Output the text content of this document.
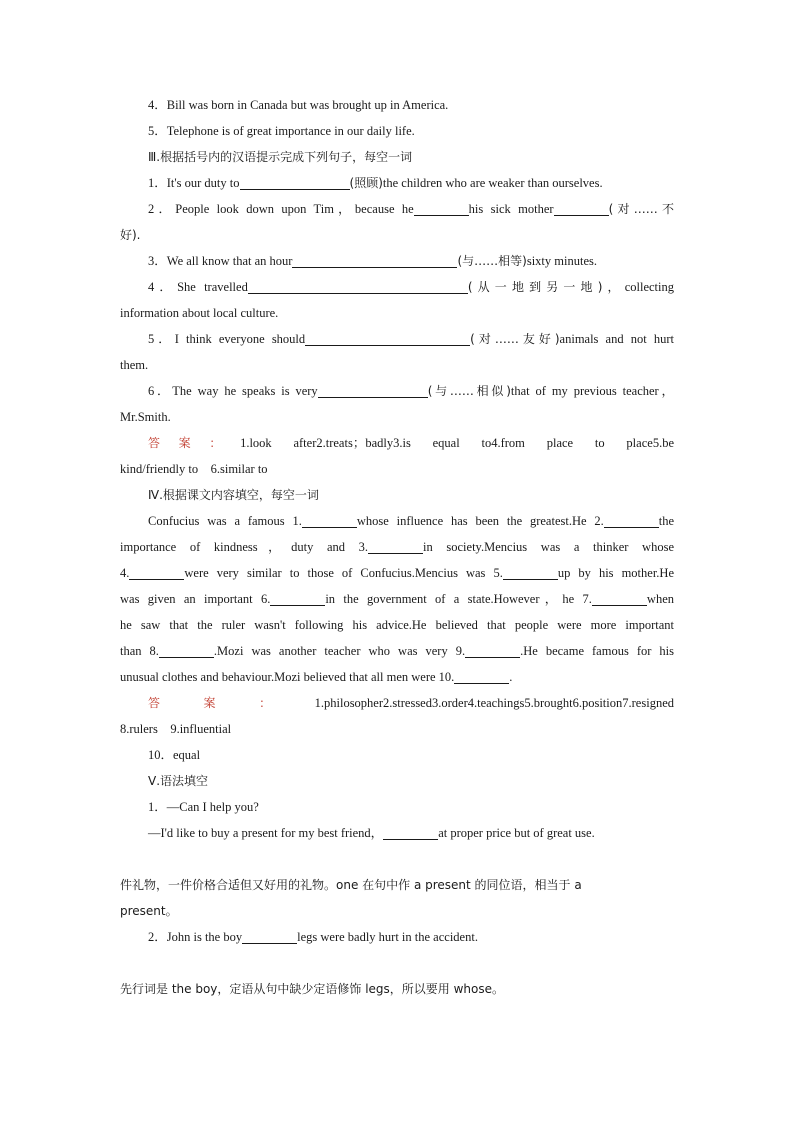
4．Bill was born in Canada but was brought up in America.
5．Telephone is of great importance in our daily life.
Ⅲ.根据括号内的汉语提示完成下列句子，每空一词
1．It's our duty to	(照顾)the children who are weaker than ourselves.
2．People look down upon Tim，because he	his sick mother	(对……不
好).
3．We all know that an hour	(与……相等)sixty minutes.
4．She travelled	(从一地到另一地)，collecting
information about local culture.
5．I think everyone should	(对……友好)animals and not hurt
them.
6．The way he speaks is very	(与……相似)that of my previous teacher，
Mr.Smith.
答案：1.look after2.treats；badly3.is equal to4.from place to place5.be
kind/friendly to    6.similar to
Ⅳ.根据课文内容填空，每空一词
Confucius was a famous 1.	whose influence has been the greatest.He 2.	the
importance of kindness，duty and 3.	in society.Mencius was a thinker whose
4.	were very similar to those of Confucius.Mencius was 5.	up by his mother.He
was given an important 6.	in the government of a state.However，he 7.	when
he saw that the ruler wasn't following his advice.He believed that people were more important
than 8.	.Mozi was another teacher who was very 9.	.He became famous for his
unusual clothes and behaviour.Mozi believed that all men were 10.	.
答案：1.philosopher2.stressed3.order4.teachings5.brought6.position7.resigned
8.rulers    9.influential
10．equal
Ⅴ.语法填空
1．—Can I help you?
—I'd like to buy a present for my best friend，	at proper price but of great use.

件礼物，一件价格合适但又好用的礼物。one 在句中作 a present 的同位语，相当于 a
present。
2．John is the boy	legs were badly hurt in the accident.

先行词是 the boy，定语从句中缺少定语修饰 legs，所以要用 whose。
